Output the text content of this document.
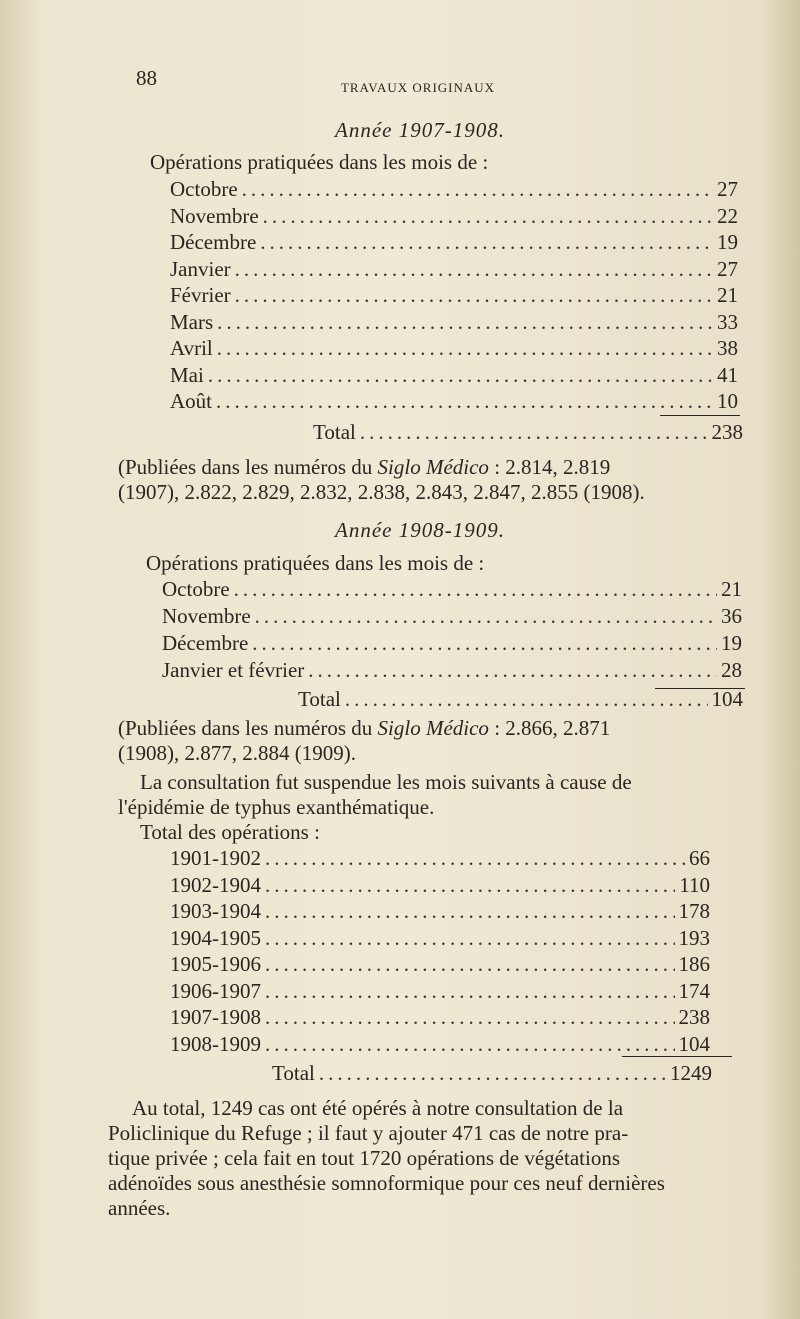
88	TRAVAUX ORIGINAUX
Année 1907-1908.
Opérations pratiquées dans les mois de :
Octobre .....	27
Novembre .....	22
Décembre .....	19
Janvier .....	27
Février .....	21
Mars .....	33
Avril .....	38
Mai .....	41
Août .....	10
Total .....	238
(Publiées dans les numéros du Siglo Médico : 2.814, 2.819
(1907), 2.822, 2.829, 2.832, 2.838, 2.843, 2.847, 2.855 (1908).
Année 1908-1909.
Opérations pratiquées dans les mois de :
Octobre .....	21
Novembre .....	36
Décembre .....	19
Janvier et février .....	28
Total .....	104
(Publiées dans les numéros du Siglo Médico : 2.866, 2.871
(1908), 2.877, 2.884 (1909).
La consultation fut suspendue les mois suivants à cause de
l'épidémie de typhus exanthématique.
Total des opérations :
1901-1902 .....	66
1902-1904 .....	110
1903-1904 .....	178
1904-1905 .....	193
1905-1906 .....	186
1906-1907 .....	174
1907-1908 .....	238
1908-1909 .....	104
Total .....	1249
Au total, 1249 cas ont été opérés à notre consultation de la
Policlinique du Refuge ; il faut y ajouter 471 cas de notre pra-
tique privée ; cela fait en tout 1720 opérations de végétations
adénoïdes sous anesthésie somnoformique pour ces neuf dernières
années.
